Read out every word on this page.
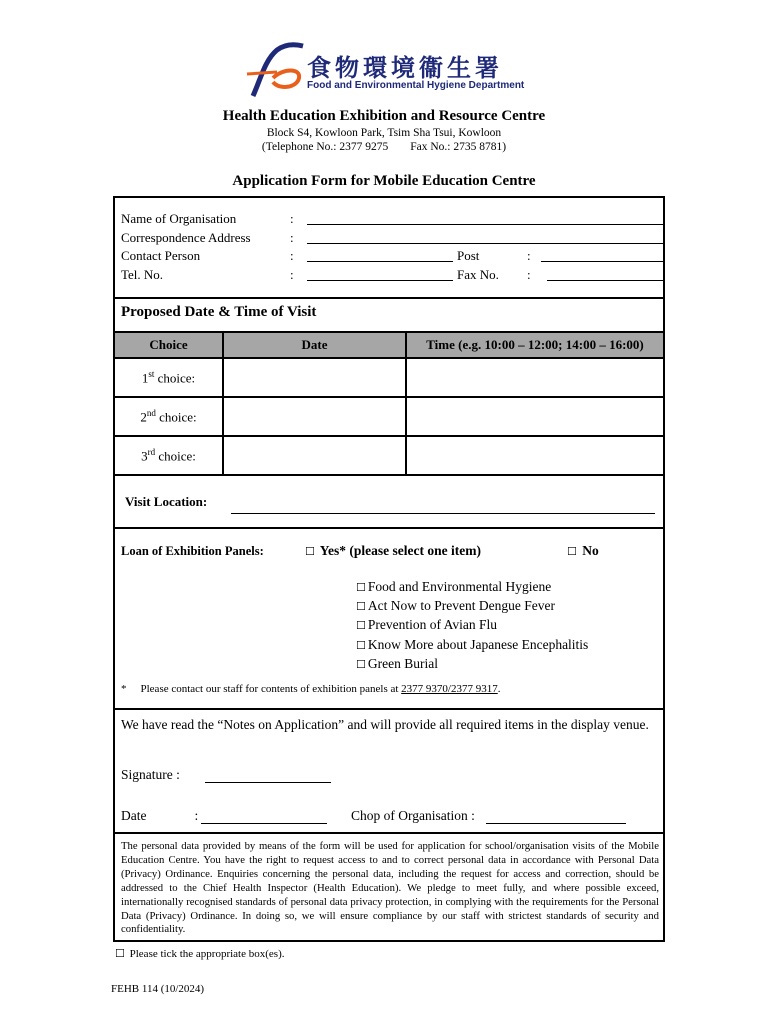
食物環境衞生署
Food and Environmental Hygiene Department
Health Education Exhibition and Resource Centre
Block S4, Kowloon Park, Tsim Sha Tsui, Kowloon
(Telephone No.: 2377 9275 Fax No.: 2735 8781)
Application Form for Mobile Education Centre
Name of Organisation	:
Correspondence Address	:
Contact Person	:	Post	:
Tel. No.	:	Fax No. :
Proposed Date & Time of Visit
Choice	Date	Time (e.g. 10:00 – 12:00; 14:00 – 16:00)
1st choice:		
2nd choice:		
3rd choice:		
Visit Location:
Loan of Exhibition Panels:	☐ Yes* (please select one item)	☐ No
☐ Food and Environmental Hygiene
☐ Act Now to Prevent Dengue Fever
☐ Prevention of Avian Flu
☐ Know More about Japanese Encephalitis
☐ Green Burial
* Please contact our staff for contents of exhibition panels at 2377 9370/2377 9317.
We have read the “Notes on Application” and will provide all required items in the display venue.
Signature :
Date	:	Chop of Organisation :
The personal data provided by means of the form will be used for application for school/organisation visits of the Mobile Education Centre. You have the right to request access to and to correct personal data in accordance with Personal Data (Privacy) Ordinance. Enquiries concerning the personal data, including the request for access and correction, should be addressed to the Chief Health Inspector (Health Education). We pledge to meet fully, and where possible exceed, internationally recognised standards of personal data privacy protection, in complying with the requirements for the Personal Data (Privacy) Ordinance. In doing so, we will ensure compliance by our staff with strictest standards of security and confidentiality.
☐ Please tick the appropriate box(es).
FEHB 114 (10/2024)
